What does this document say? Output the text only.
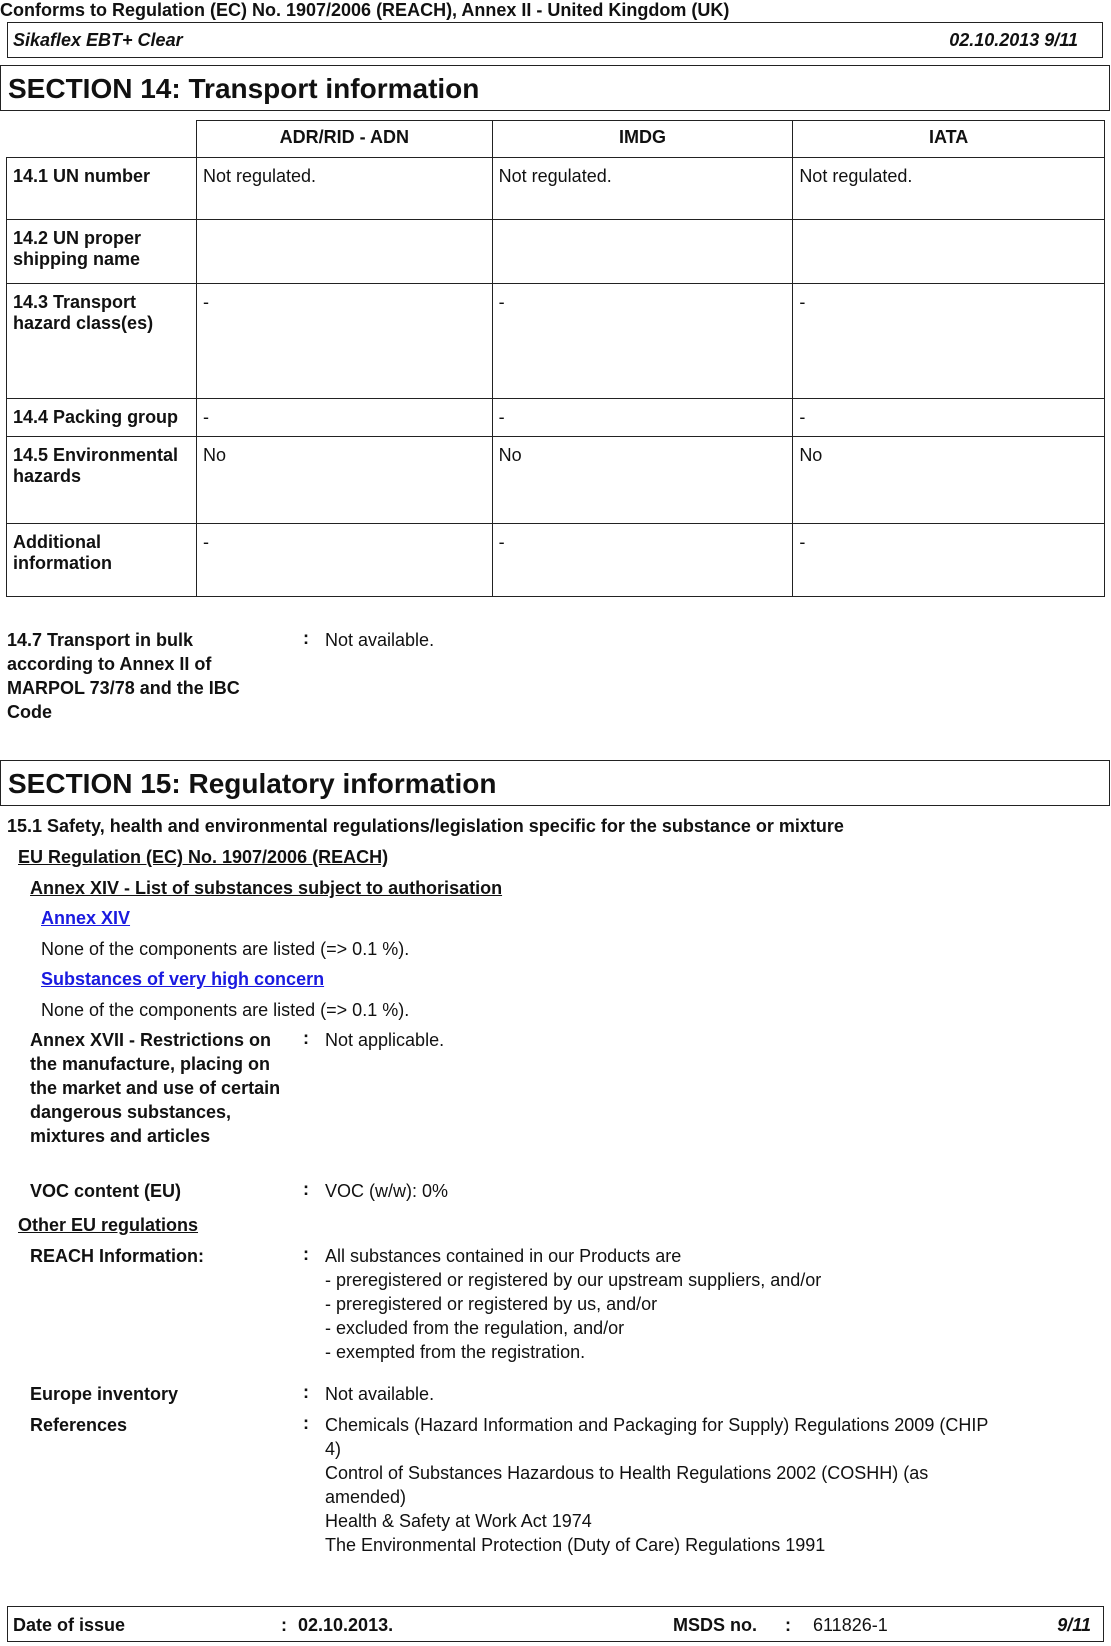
Conforms to Regulation (EC) No. 1907/2006 (REACH), Annex II - United Kingdom (UK)
Sikaflex EBT+ Clear	02.10.2013 9/11
SECTION 14: Transport information
	ADR/RID - ADN	IMDG	IATA
14.1 UN number	Not regulated.	Not regulated.	Not regulated.
14.2 UN proper shipping name			
14.3 Transport hazard class(es)	-	-	-
14.4 Packing group	-	-	-
14.5 Environmental hazards	No	No	No
Additional information	-	-	-
14.7 Transport in bulk according to Annex II of MARPOL 73/78 and the IBC Code
: Not available.
SECTION 15: Regulatory information
15.1 Safety, health and environmental regulations/legislation specific for the substance or mixture
EU Regulation (EC) No. 1907/2006 (REACH)
Annex XIV - List of substances subject to authorisation
Annex XIV
None of the components are listed (=> 0.1 %).
Substances of very high concern
None of the components are listed (=> 0.1 %).
Annex XVII - Restrictions on the manufacture, placing on the market and use of certain dangerous substances, mixtures and articles
: Not applicable.
VOC content (EU)	: VOC (w/w): 0%
Other EU regulations
REACH Information:	: All substances contained in our Products are
- preregistered or registered by our upstream suppliers, and/or
- preregistered or registered by us, and/or
- excluded from the regulation, and/or
- exempted from the registration.
Europe inventory	: Not available.
References	: Chemicals (Hazard Information and Packaging for Supply) Regulations 2009 (CHIP
4)
Control of Substances Hazardous to Health Regulations 2002 (COSHH) (as
amended)
Health & Safety at Work Act 1974
The Environmental Protection (Duty of Care) Regulations 1991
Date of issue	: 02.10.2013.	MSDS no. : 611826-1	9/11
